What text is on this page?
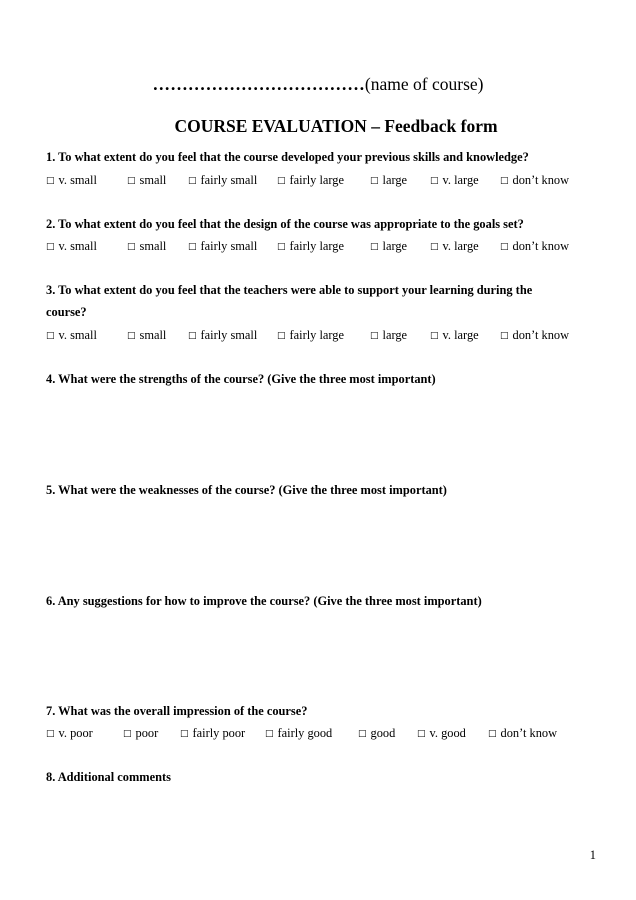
………………………………(name of course)
COURSE EVALUATION – Feedback form
1. To what extent do you feel that the course developed your previous skills and knowledge?
□ v. small	□ small □ fairly small □ fairly large	□ large	□ v. large □ don’t know
2. To what extent do you feel that the design of the course was appropriate to the goals set?
□ v. small	□ small □ fairly small □ fairly large	□ large	□ v. large □ don’t know
3. To what extent do you feel that the teachers were able to support your learning during the course?
□ v. small	□ small □ fairly small □ fairly large	□ large	□ v. large □ don’t know
4. What were the strengths of the course? (Give the three most important)
5. What were the weaknesses of the course? (Give the three most important)
6. Any suggestions for how to improve the course? (Give the three most important)
7. What was the overall impression of the course?
□ v. poor	□ poor □ fairly poor □ fairly good	□ good □ v. good □ don’t know
8. Additional comments
1
